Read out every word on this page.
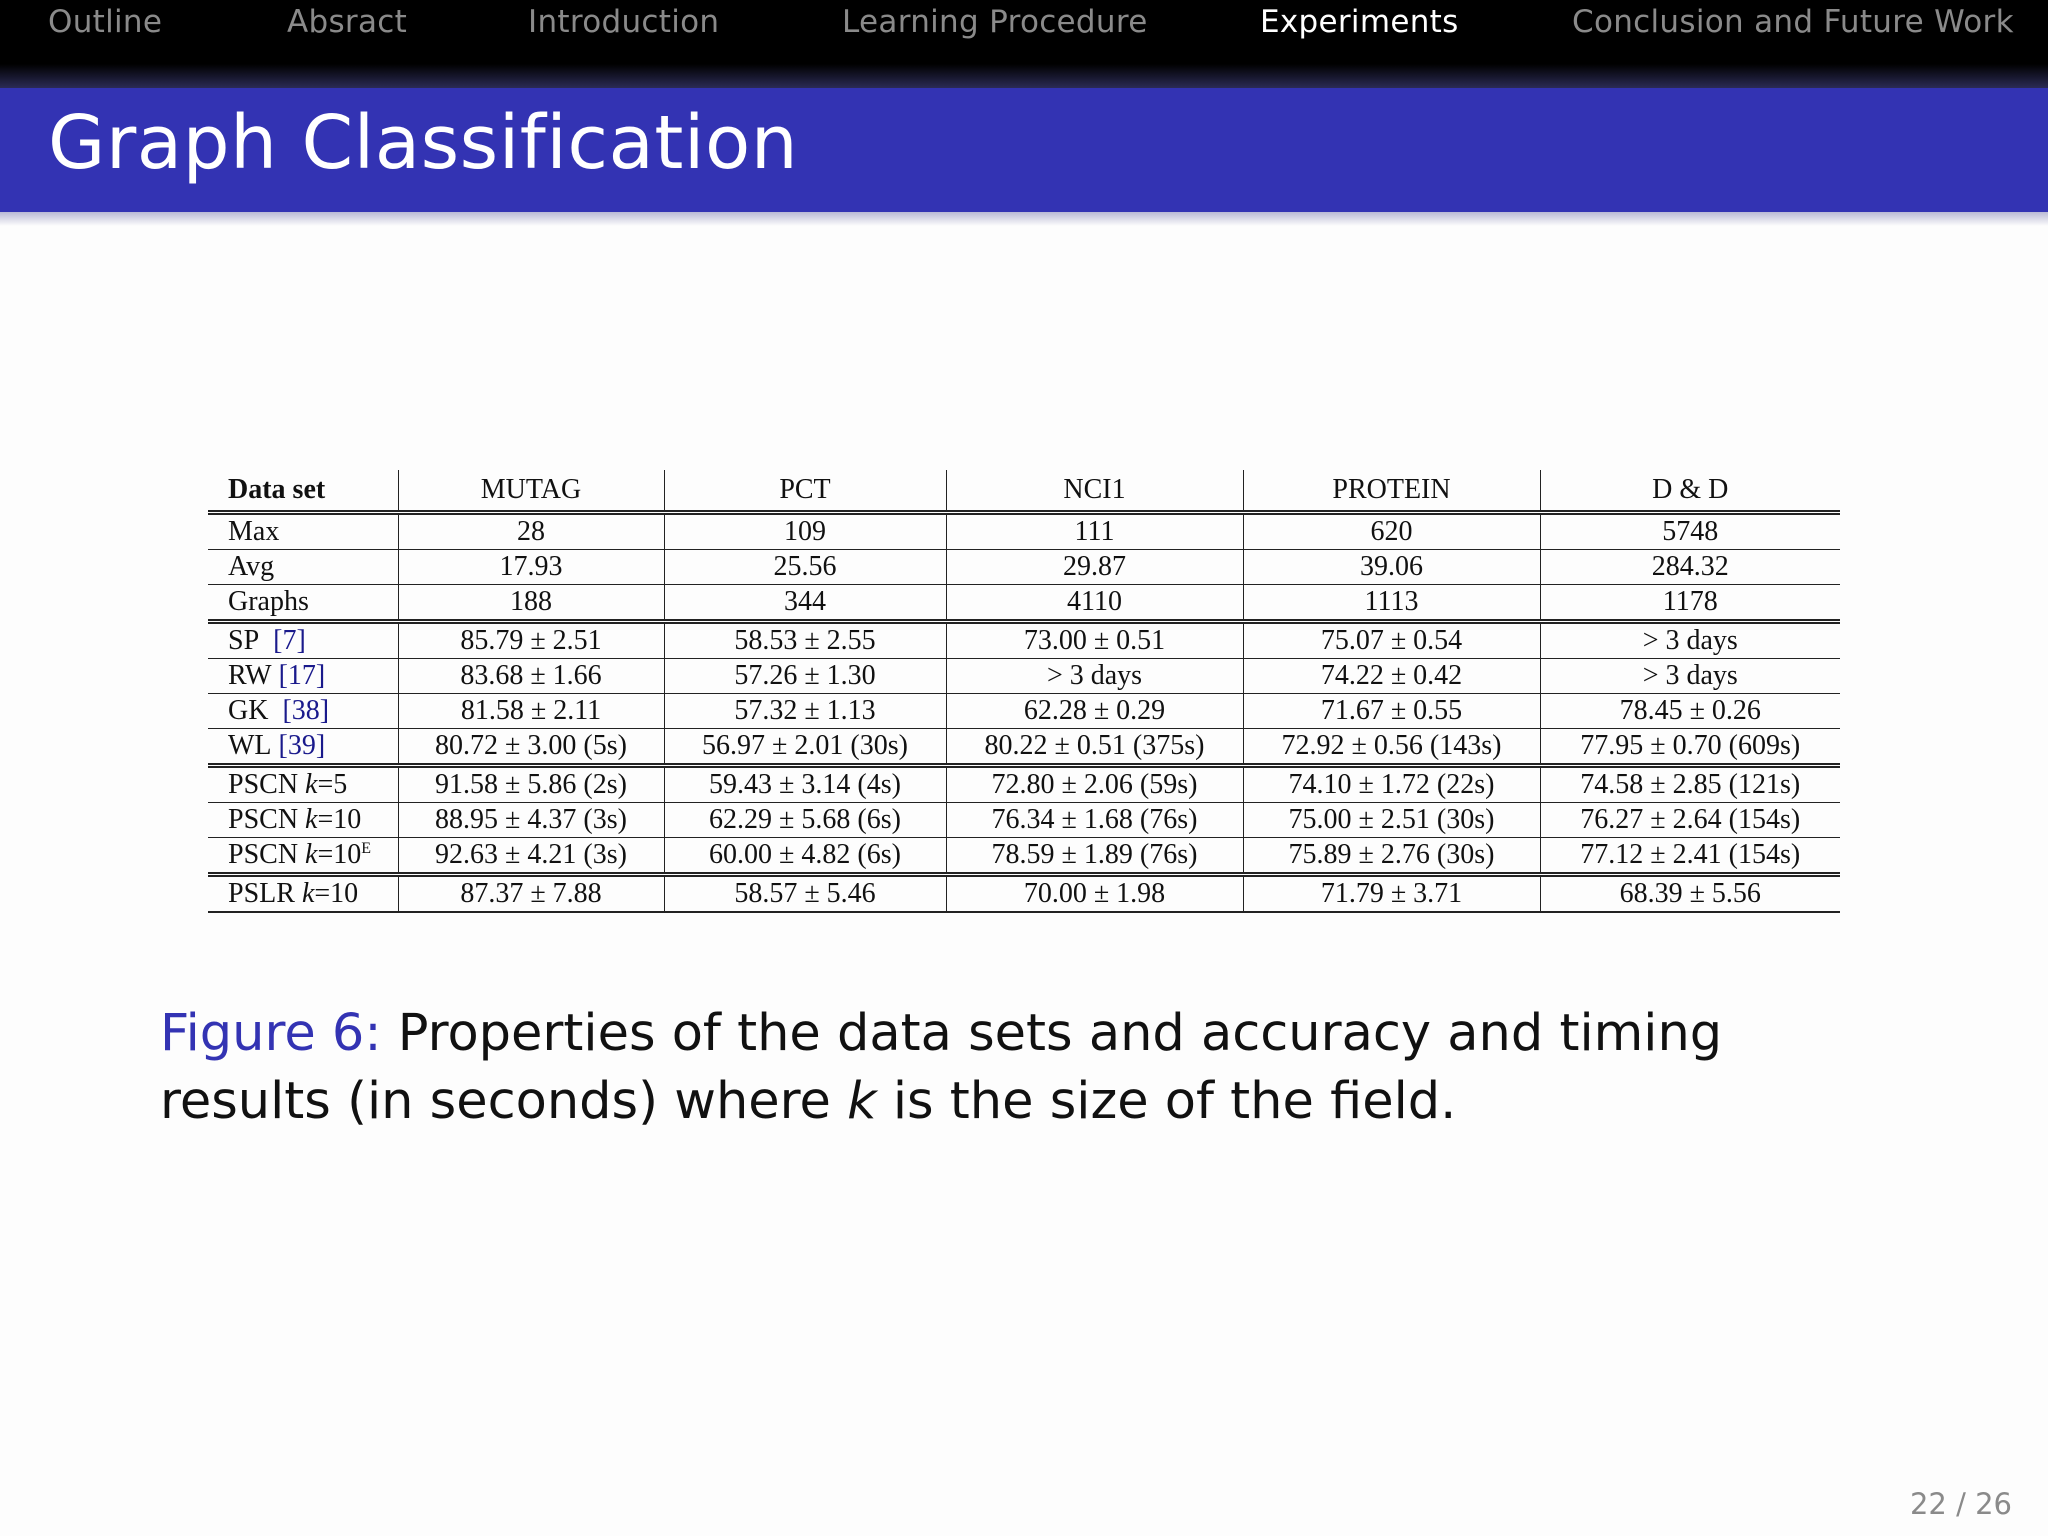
Outline	Absract	Introduction	Learning Procedure	Experiments	Conclusion and Future Work
Graph Classification
Data set	MUTAG	PCT	NCI1	PROTEIN	D & D
Max	28	109	111	620	5748
Avg	17.93	25.56	29.87	39.06	284.32
Graphs	188	344	4110	1113	1178
SP [7]	85.79 ± 2.51	58.53 ± 2.55	73.00 ± 0.51	75.07 ± 0.54	> 3 days
RW [17]	83.68 ± 1.66	57.26 ± 1.30	> 3 days	74.22 ± 0.42	> 3 days
GK [38]	81.58 ± 2.11	57.32 ± 1.13	62.28 ± 0.29	71.67 ± 0.55	78.45 ± 0.26
WL [39]	80.72 ± 3.00 (5s)	56.97 ± 2.01 (30s)	80.22 ± 0.51 (375s)	72.92 ± 0.56 (143s)	77.95 ± 0.70 (609s)
PSCN k=5	91.58 ± 5.86 (2s)	59.43 ± 3.14 (4s)	72.80 ± 2.06 (59s)	74.10 ± 1.72 (22s)	74.58 ± 2.85 (121s)
PSCN k=10	88.95 ± 4.37 (3s)	62.29 ± 5.68 (6s)	76.34 ± 1.68 (76s)	75.00 ± 2.51 (30s)	76.27 ± 2.64 (154s)
PSCN $k=10^E$	92.63 ± 4.21 (3s)	60.00 ± 4.82 (6s)	78.59 ± 1.89 (76s)	75.89 ± 2.76 (30s)	77.12 ± 2.41 (154s)
PSLR k=10	87.37 ± 7.88	58.57 ± 5.46	70.00 ± 1.98	71.79 ± 3.71	68.39 ± 5.56
Figure 6: Properties of the data sets and accuracy and timing results (in seconds) where k is the size of the field.
22 / 26
